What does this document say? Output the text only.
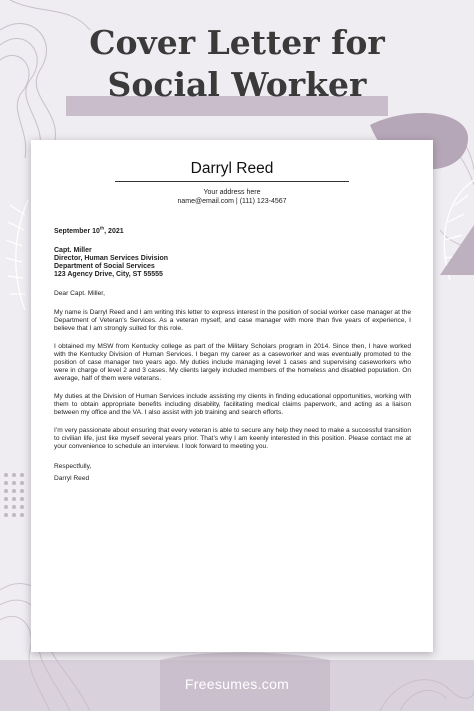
Cover Letter for
Social Worker
Darryl Reed
Your address here
name@email.com | (111) 123-4567
September 10th, 2021
Capt. Miller
Director, Human Services Division
Department of Social Services
123 Agency Drive, City, ST 55555
Dear Capt. Miller,

My name is Darryl Reed and I am writing this letter to express interest in the position of social worker case manager at the Department of Veteran’s Services. As a veteran myself, and case manager with more than five years of experience, I believe that I am strongly suited for this role.

I obtained my MSW from Kentucky college as part of the Military Scholars program in 2014. Since then, I have worked with the Kentucky Division of Human Services. I began my career as a caseworker and was eventually promoted to the position of case manager two years ago. My duties include managing level 1 cases and supervising caseworkers who were in charge of level 2 and 3 cases. My clients largely included members of the homeless and disabled population. On average, half of them were veterans.

My duties at the Division of Human Services include assisting my clients in finding educational opportunities, working with them to obtain appropriate benefits including disability, facilitating medical claims paperwork, and acting as a liaison between my office and the VA. I also assist with job training and search efforts.

I’m very passionate about ensuring that every veteran is able to secure any help they need to make a successful transition to civilian life, just like myself several years prior. That’s why I am keenly interested in this position. Please contact me at your convenience to schedule an interview. I look forward to meeting you.

Respectfully,
Darryl Reed
Freesumes.com
